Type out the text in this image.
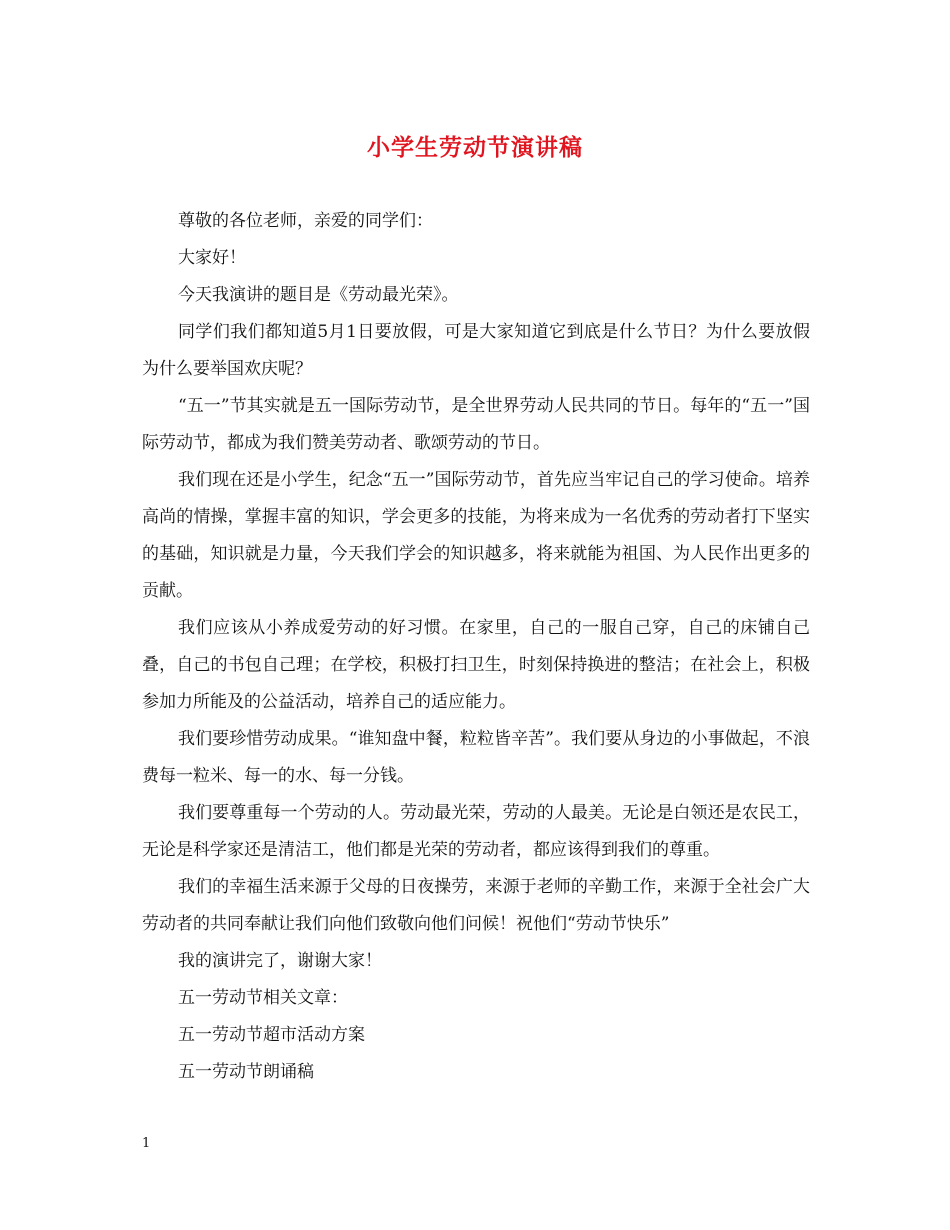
小学生劳动节演讲稿

尊敬的各位老师，亲爱的同学们：

大家好！

今天我演讲的题目是《劳动最光荣》。

同学们我们都知道5月1日要放假，可是大家知道它到底是什么节日？为什么要放假为什么要举国欢庆呢？

“五一”节其实就是五一国际劳动节，是全世界劳动人民共同的节日。每年的“五一”国际劳动节，都成为我们赞美劳动者、歌颂劳动的节日。

我们现在还是小学生，纪念“五一”国际劳动节，首先应当牢记自己的学习使命。培养高尚的情操，掌握丰富的知识，学会更多的技能，为将来成为一名优秀的劳动者打下坚实的基础，知识就是力量，今天我们学会的知识越多，将来就能为祖国、为人民作出更多的贡献。

我们应该从小养成爱劳动的好习惯。在家里，自己的一服自己穿，自己的床铺自己叠，自己的书包自己理；在学校，积极打扫卫生，时刻保持换进的整洁；在社会上，积极参加力所能及的公益活动，培养自己的适应能力。

我们要珍惜劳动成果。“谁知盘中餐，粒粒皆辛苦”。我们要从身边的小事做起，不浪费每一粒米、每一的水、每一分钱。

我们要尊重每一个劳动的人。劳动最光荣，劳动的人最美。无论是白领还是农民工，无论是科学家还是清洁工，他们都是光荣的劳动者，都应该得到我们的尊重。

我们的幸福生活来源于父母的日夜操劳，来源于老师的辛勤工作，来源于全社会广大劳动者的共同奉献让我们向他们致敬向他们问候！祝他们“劳动节快乐”

我的演讲完了，谢谢大家！

五一劳动节相关文章：

五一劳动节超市活动方案

五一劳动节朗诵稿

1
